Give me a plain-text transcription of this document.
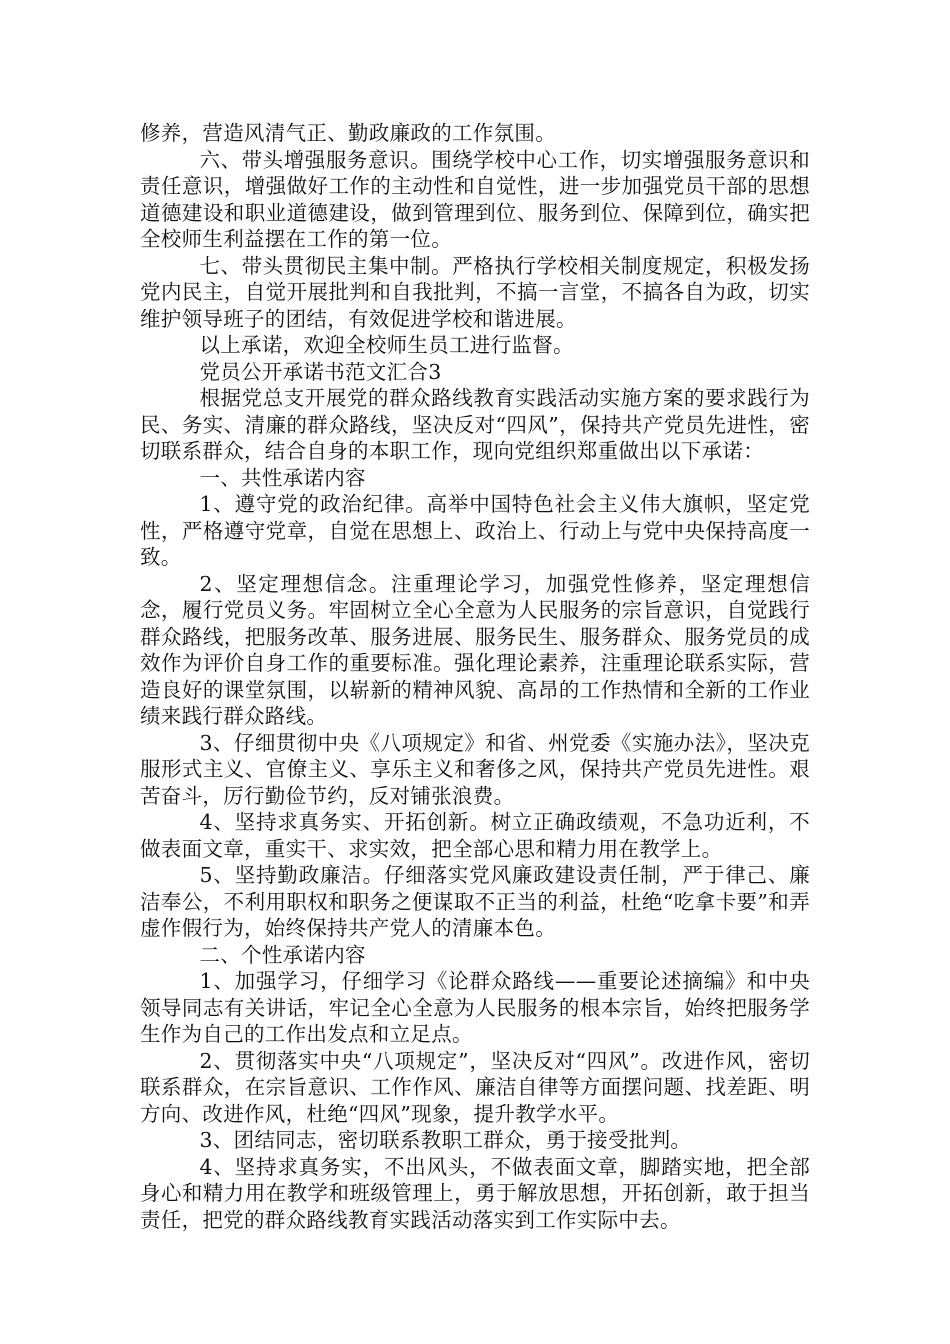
修养，营造风清气正、勤政廉政的工作氛围。

六、带头增强服务意识。围绕学校中心工作，切实增强服务意识和责任意识，增强做好工作的主动性和自觉性，进一步加强党员干部的思想道德建设和职业道德建设，做到管理到位、服务到位、保障到位，确实把全校师生利益摆在工作的第一位。

七、带头贯彻民主集中制。严格执行学校相关制度规定，积极发扬党内民主，自觉开展批判和自我批判，不搞一言堂，不搞各自为政，切实维护领导班子的团结，有效促进学校和谐进展。

以上承诺，欢迎全校师生员工进行监督。

党员公开承诺书范文汇合3

根据党总支开展党的群众路线教育实践活动实施方案的要求践行为民、务实、清廉的群众路线，坚决反对“四风”，保持共产党员先进性，密切联系群众，结合自身的本职工作，现向党组织郑重做出以下承诺：

一、共性承诺内容

1、遵守党的政治纪律。高举中国特色社会主义伟大旗帜，坚定党性，严格遵守党章，自觉在思想上、政治上、行动上与党中央保持高度一致。

2、坚定理想信念。注重理论学习，加强党性修养，坚定理想信念，履行党员义务。牢固树立全心全意为人民服务的宗旨意识，自觉践行群众路线，把服务改革、服务进展、服务民生、服务群众、服务党员的成效作为评价自身工作的重要标准。强化理论素养，注重理论联系实际，营造良好的课堂氛围，以崭新的精神风貌、高昂的工作热情和全新的工作业绩来践行群众路线。

3、仔细贯彻中央《八项规定》和省、州党委《实施办法》，坚决克服形式主义、官僚主义、享乐主义和奢侈之风，保持共产党员先进性。艰苦奋斗，厉行勤俭节约，反对铺张浪费。

4、坚持求真务实、开拓创新。树立正确政绩观，不急功近利，不做表面文章，重实干、求实效，把全部心思和精力用在教学上。

5、坚持勤政廉洁。仔细落实党风廉政建设责任制，严于律己、廉洁奉公，不利用职权和职务之便谋取不正当的利益，杜绝“吃拿卡要”和弄虚作假行为，始终保持共产党人的清廉本色。

二、个性承诺内容

1、加强学习，仔细学习《论群众路线——重要论述摘编》和中央领导同志有关讲话，牢记全心全意为人民服务的根本宗旨，始终把服务学生作为自己的工作出发点和立足点。

2、贯彻落实中央“八项规定”，坚决反对“四风”。改进作风，密切联系群众，在宗旨意识、工作作风、廉洁自律等方面摆问题、找差距、明方向、改进作风，杜绝“四风”现象，提升教学水平。

3、团结同志，密切联系教职工群众，勇于接受批判。

4、坚持求真务实，不出风头，不做表面文章，脚踏实地，把全部身心和精力用在教学和班级管理上，勇于解放思想，开拓创新，敢于担当责任，把党的群众路线教育实践活动落实到工作实际中去。
